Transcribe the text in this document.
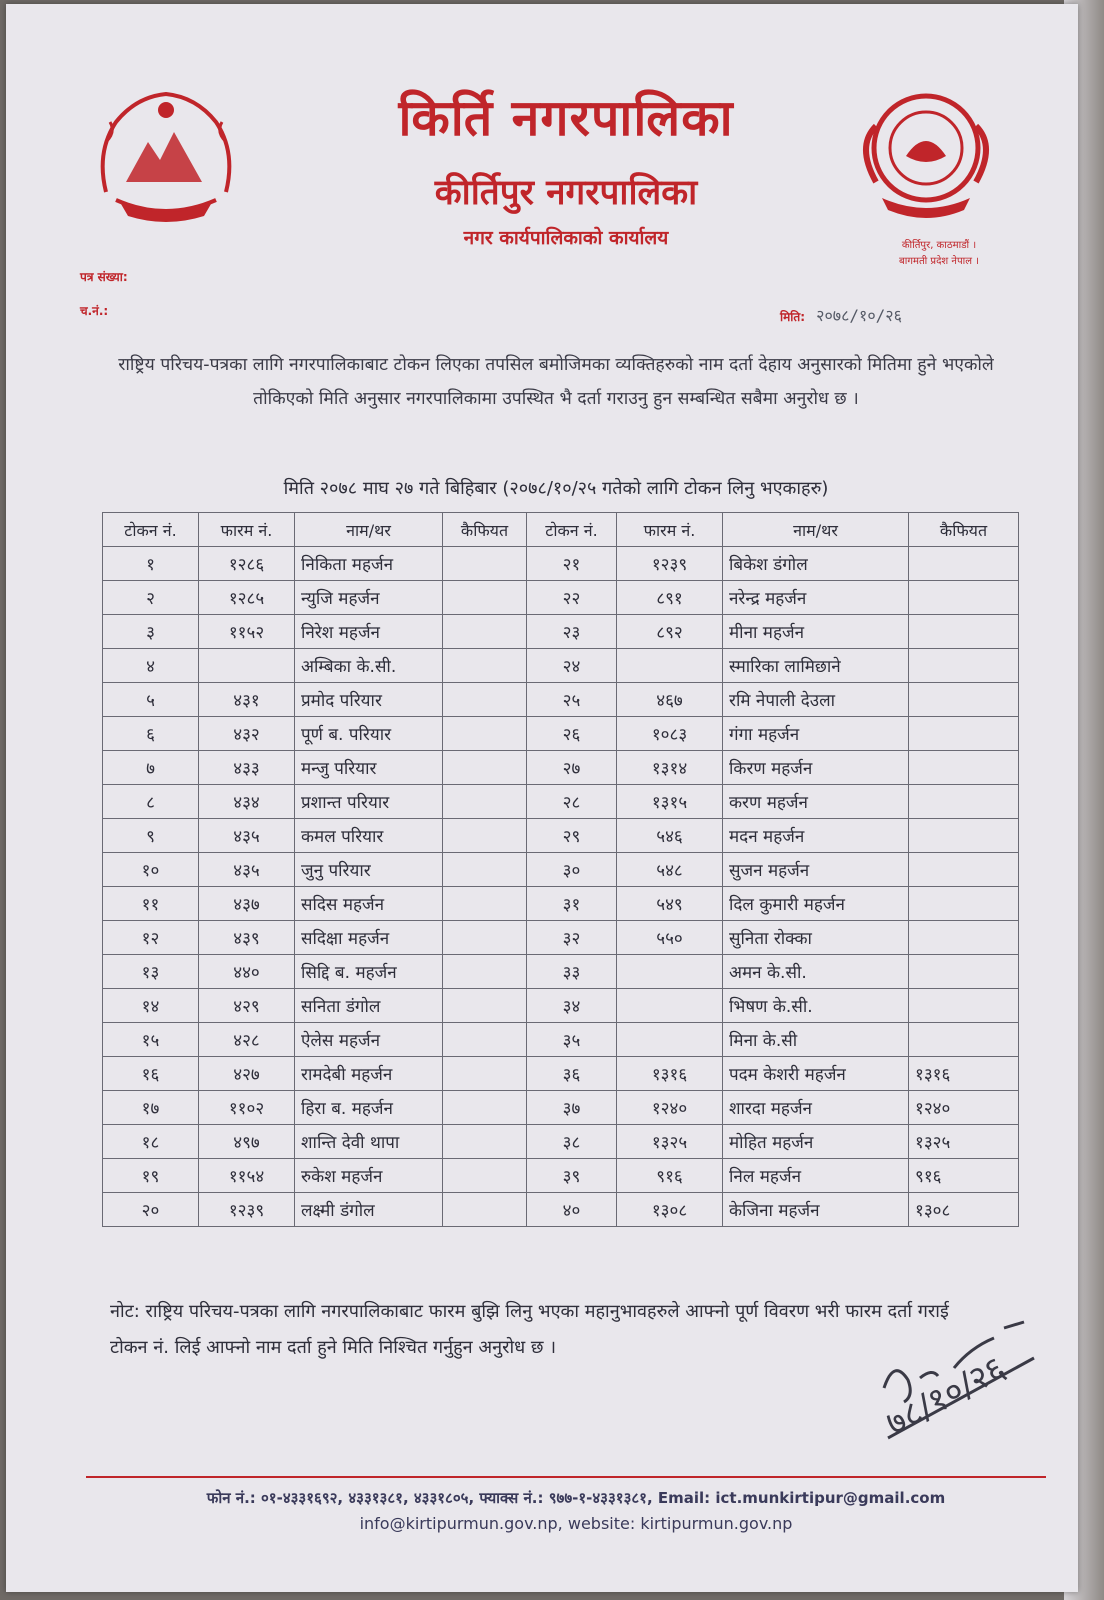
किर्ति नगरपालिका
कीर्तिपुर नगरपालिका
नगर कार्यपालिकाको कार्यालय	कीर्तिपुर, काठमाडौं ।
बागमती प्रदेश नेपाल ।
पत्र संख्या:
च.नं.:	मिति: २०७८/१०/२६
राष्ट्रिय परिचय-पत्रका लागि नगरपालिकाबाट टोकन लिएका तपसिल बमोजिमका व्यक्तिहरुको नाम दर्ता देहाय अनुसारको मितिमा हुने भएकोले तोकिएको मिति अनुसार नगरपालिकामा उपस्थित भै दर्ता गराउनु हुन सम्बन्धित सबैमा अनुरोध छ ।
मिति २०७८ माघ २७ गते बिहिबार (२०७८/१०/२५ गतेको लागि टोकन लिनु भएकाहरु)
टोकन नं.	फारम नं.	नाम/थर	कैफियत	टोकन नं.	फारम नं.	नाम/थर	कैफियत
१	१२८६	निकिता महर्जन		२१	१२३९	बिकेश डंगोल	
२	१२८५	न्युजि महर्जन		२२	८९१	नरेन्द्र महर्जन	
३	११५२	निरेश महर्जन		२३	८९२	मीना महर्जन	
४		अम्बिका के.सी.		२४		स्मारिका लामिछाने	
५	४३१	प्रमोद परियार		२५	४६७	रमि नेपाली देउला	
६	४३२	पूर्ण ब. परियार		२६	१०८३	गंगा महर्जन	
७	४३३	मन्जु परियार		२७	१३१४	किरण महर्जन	
८	४३४	प्रशान्त परियार		२८	१३१५	करण महर्जन	
९	४३५	कमल परियार		२९	५४६	मदन महर्जन	
१०	४३५	जुनु परियार		३०	५४८	सुजन महर्जन	
११	४३७	सदिस महर्जन		३१	५४९	दिल कुमारी महर्जन	
१२	४३९	सदिक्षा महर्जन		३२	५५०	सुनिता रोक्का	
१३	४४०	सिद्दि ब. महर्जन		३३		अमन के.सी.	
१४	४२९	सनिता डंगोल		३४		भिषण के.सी.	
१५	४२८	ऐलेस महर्जन		३५		मिना के.सी	
१६	४२७	रामदेबी महर्जन		३६	१३१६	पदम केशरी महर्जन	१३१६
१७	११०२	हिरा ब. महर्जन		३७	१२४०	शारदा महर्जन	१२४०
१८	४९७	शान्ति देवी थापा		३८	१३२५	मोहित महर्जन	१३२५
१९	११५४	रुकेश महर्जन		३९	९१६	निल महर्जन	९१६
२०	१२३९	लक्ष्मी डंगोल		४०	१३०८	केजिना महर्जन	१३०८
नोट: राष्ट्रिय परिचय-पत्रका लागि नगरपालिकाबाट फारम बुझि लिनु भएका महानुभावहरुले आफ्नो पूर्ण विवरण भरी फारम दर्ता गराई टोकन नं. लिई आफ्नो नाम दर्ता हुने मिति निश्चित गर्नुहुन अनुरोध छ ।
७८/१०/२६
फोन नं.: ०१-४३३१६९२, ४३३१३८१, ४३३१८०५, फ्याक्स नं.: ९७७-१-४३३१३८१, Email: ict.munkirtipur@gmail.com
info@kirtipurmun.gov.np, website: kirtipurmun.gov.np
